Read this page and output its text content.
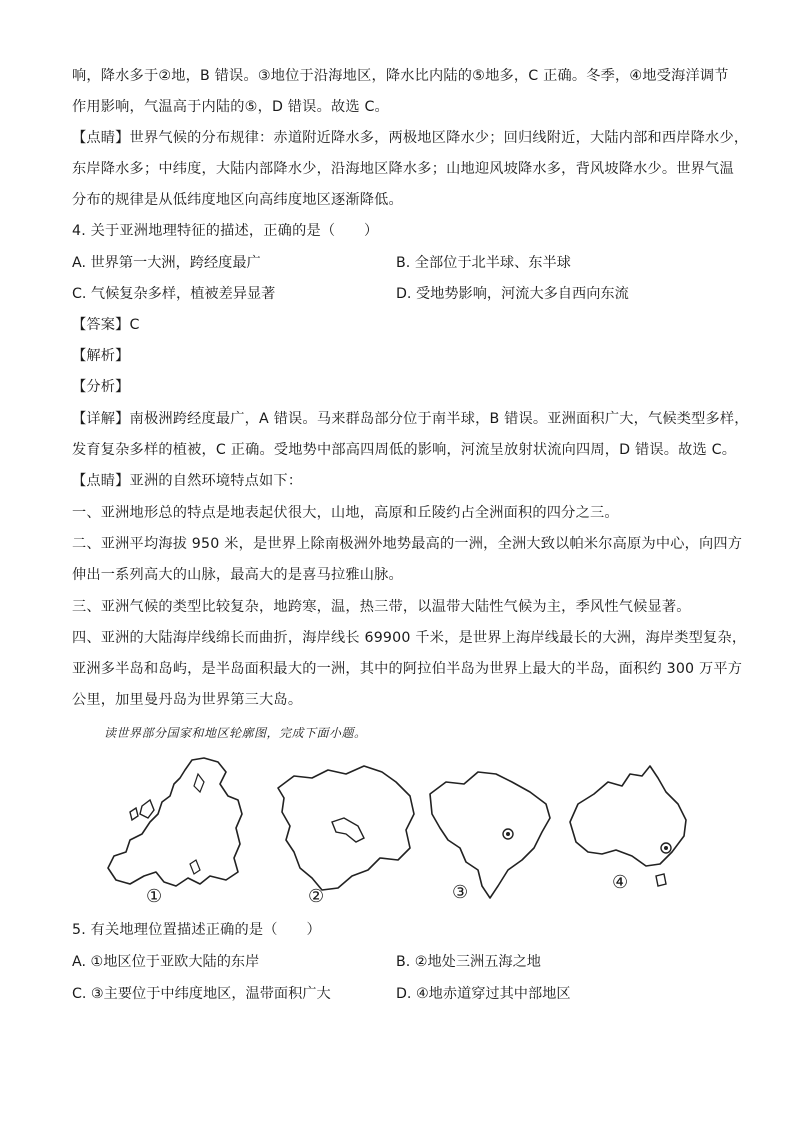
响，降水多于②地，B 错误。③地位于沿海地区，降水比内陆的⑤地多，C 正确。冬季，④地受海洋调节
作用影响，气温高于内陆的⑤，D 错误。故选 C。
【点睛】世界气候的分布规律：赤道附近降水多，两极地区降水少；回归线附近，大陆内部和西岸降水少，
东岸降水多；中纬度，大陆内部降水少，沿海地区降水多；山地迎风坡降水多，背风坡降水少。世界气温
分布的规律是从低纬度地区向高纬度地区逐渐降低。
4. 关于亚洲地理特征的描述，正确的是（　　）
A. 世界第一大洲，跨经度最广	B. 全部位于北半球、东半球
C. 气候复杂多样，植被差异显著	D. 受地势影响，河流大多自西向东流
【答案】C
【解析】
【分析】
【详解】南极洲跨经度最广，A 错误。马来群岛部分位于南半球，B 错误。亚洲面积广大，气候类型多样，
发育复杂多样的植被，C 正确。受地势中部高四周低的影响，河流呈放射状流向四周，D 错误。故选 C。
【点睛】亚洲的自然环境特点如下：
一、亚洲地形总的特点是地表起伏很大，山地，高原和丘陵约占全洲面积的四分之三。
二、亚洲平均海拔 950 米，是世界上除南极洲外地势最高的一洲，全洲大致以帕米尔高原为中心，向四方
伸出一系列高大的山脉，最高大的是喜马拉雅山脉。
三、亚洲气候的类型比较复杂，地跨寒，温，热三带，以温带大陆性气候为主，季风性气候显著。
四、亚洲的大陆海岸线绵长而曲折，海岸线长 69900 千米，是世界上海岸线最长的大洲，海岸类型复杂，
亚洲多半岛和岛屿，是半岛面积最大的一洲，其中的阿拉伯半岛为世界上最大的半岛，面积约 300 万平方
公里，加里曼丹岛为世界第三大岛。
读世界部分国家和地区轮廓图，完成下面小题。
①	②	③	④
5. 有关地理位置描述正确的是（　　）
A. ①地区位于亚欧大陆的东岸	B. ②地处三洲五海之地
C. ③主要位于中纬度地区，温带面积广大	D. ④地赤道穿过其中部地区
